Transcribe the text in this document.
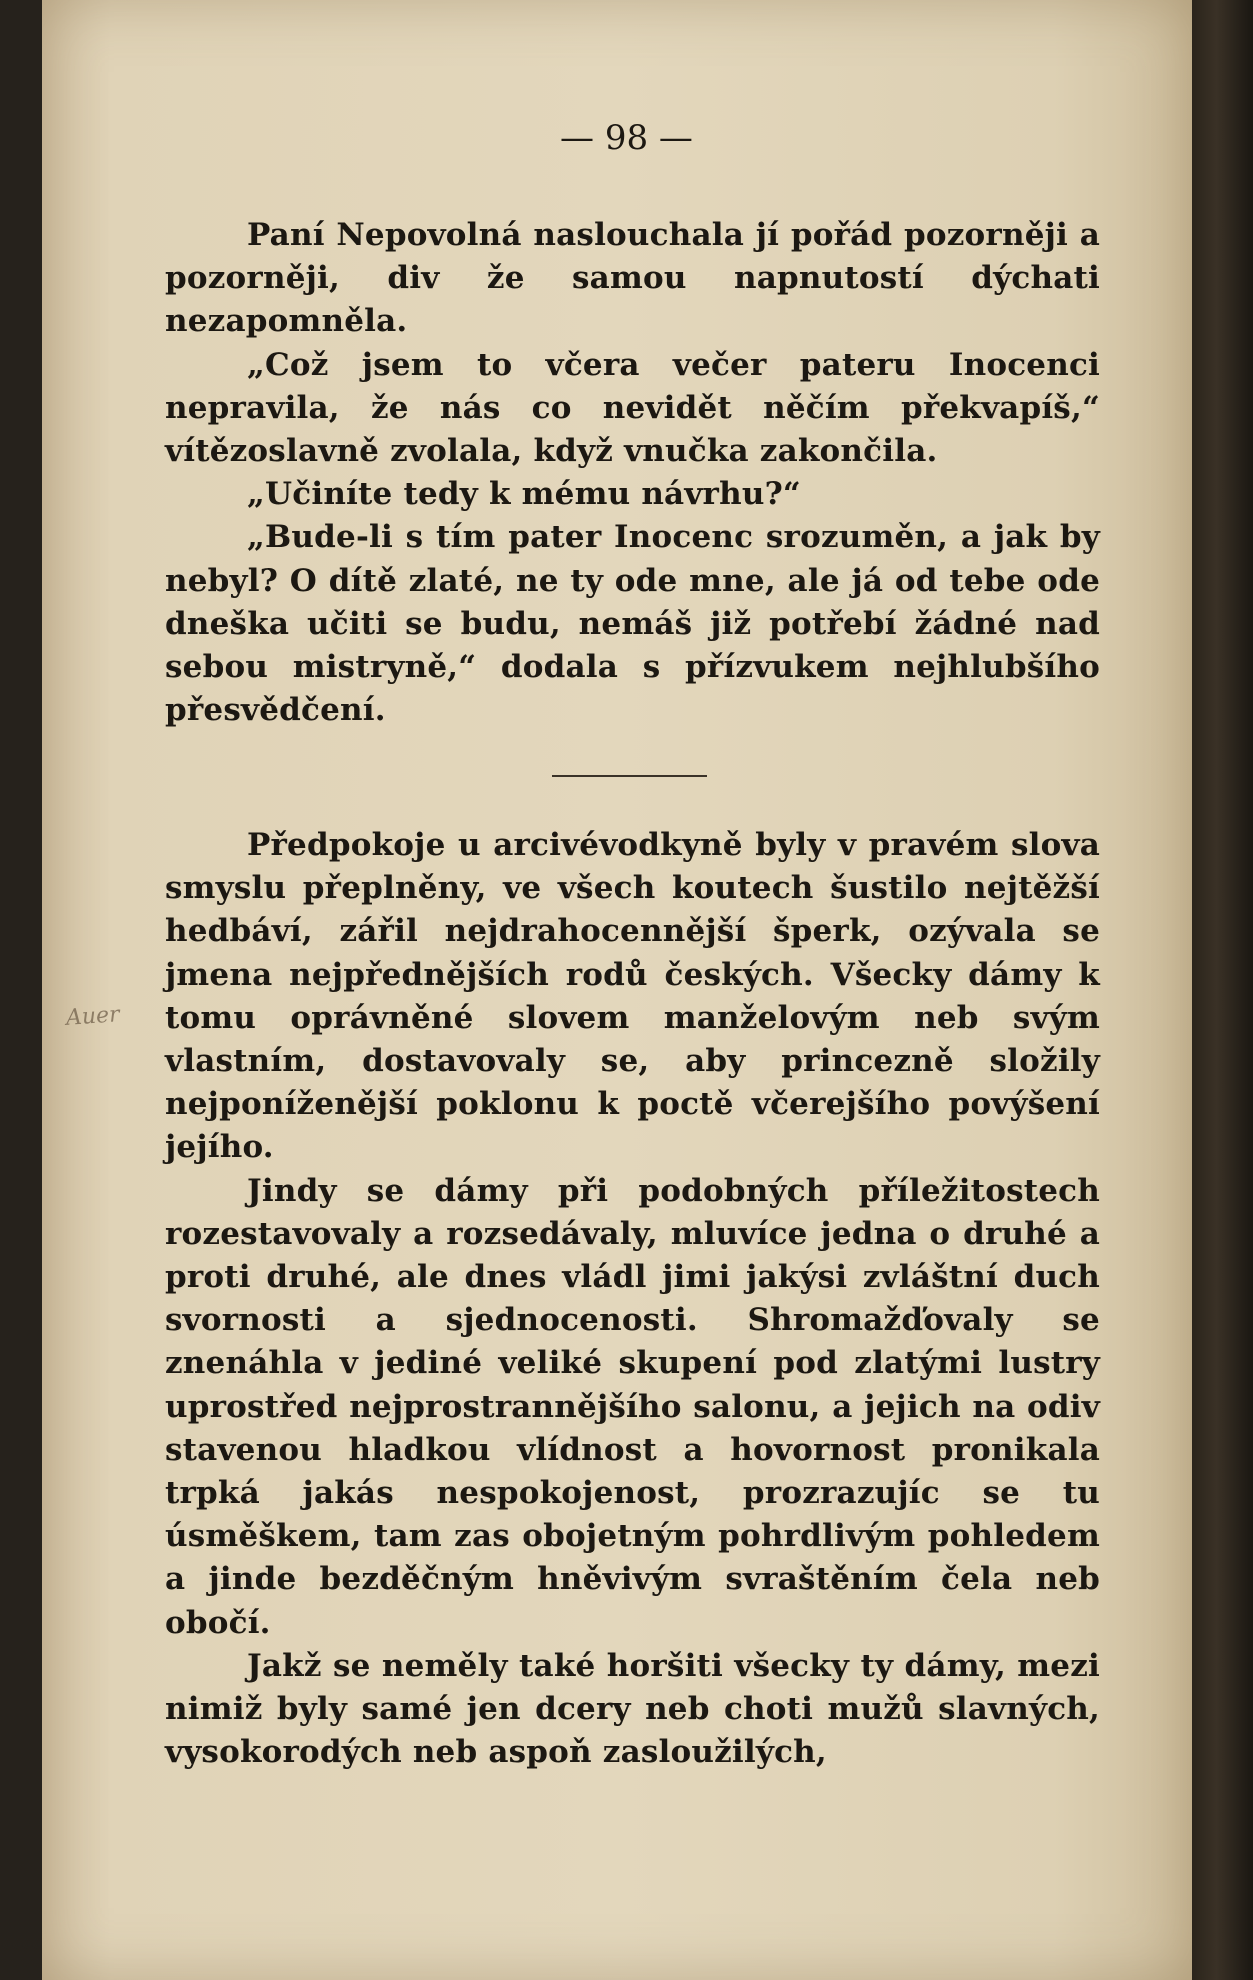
— 98 —

Paní Nepovolná naslouchala jí pořád pozorněji a pozorněji, div že samou napnutostí dýchati nezapomněla.

„Což jsem to včera večer pateru Inocenci nepravila, že nás co nevidět něčím překvapíš,“ vítězoslavně zvolala, když vnučka zakončila.

„Učiníte tedy k mému návrhu?“

„Bude-li s tím pater Inocenc srozuměn, a jak by nebyl? O dítě zlaté, ne ty ode mne, ale já od tebe ode dneška učiti se budu, nemáš již potřebí žádné nad sebou mistryně,“ dodala s přízvukem nejhlubšího přesvědčení.

Předpokoje u arcivévodkyně byly v pravém slova smyslu přeplněny, ve všech koutech šustilo nejtěžší hedbáví, zářil nejdrahocennější šperk, ozývala se jmena nejpřednějších rodů českých. Všecky dámy k tomu oprávněné slovem manželovým neb svým vlastním, dostavovaly se, aby princezně složily nejponíženější poklonu k poctě včerejšího povýšení jejího.

Jindy se dámy při podobných příležitostech rozestavovaly a rozsedávaly, mluvíce jedna o druhé a proti druhé, ale dnes vládl jimi jakýsi zvláštní duch svornosti a sjednocenosti. Shromažďovaly se znenáhla v jediné veliké skupení pod zlatými lustry uprostřed nejprostrannějšího salonu, a jejich na odiv stavenou hladkou vlídnost a hovornost pronikala trpká jakás nespokojenost, prozrazujíc se tu úsměškem, tam zas obojetným pohrdlivým pohledem a jinde bezděčným hněvivým svraštěním čela neb obočí.

Jakž se neměly také horšiti všecky ty dámy, mezi nimiž byly samé jen dcery neb choti mužů slavných, vysokorodých neb aspoň zasloužilých,

Auer
